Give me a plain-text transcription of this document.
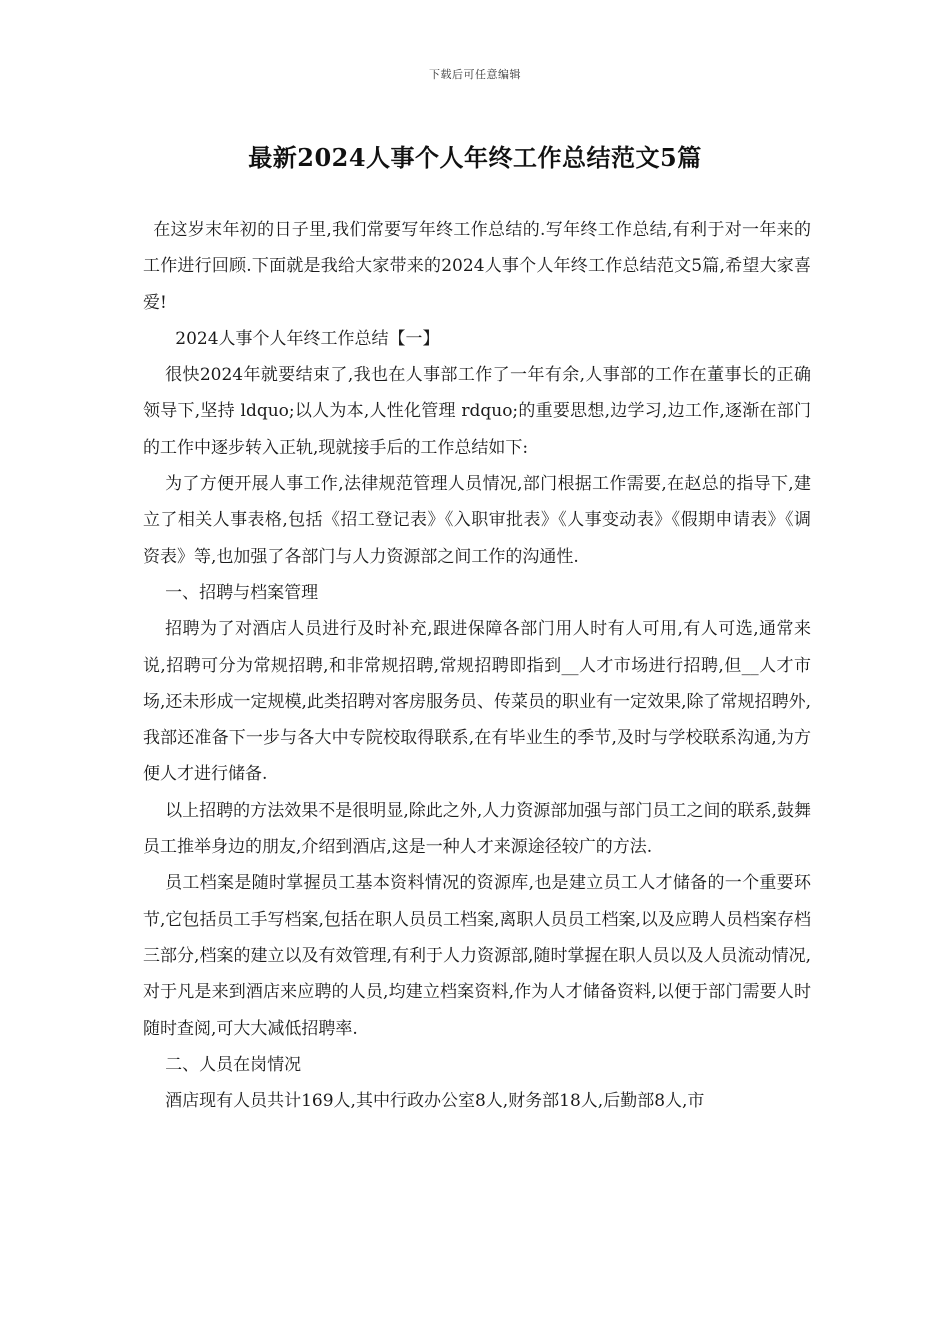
下载后可任意编辑
最新2024人事个人年终工作总结范文5篇

在这岁末年初的日子里,我们常要写年终工作总结的.写年终工作总结,有利于对一年来的工作进行回顾.下面就是我给大家带来的2024人事个人年终工作总结范文5篇,希望大家喜爱!

2024人事个人年终工作总结【一】

很快2024年就要结束了,我也在人事部工作了一年有余,人事部的工作在董事长的正确领导下,坚持 ldquo;以人为本,人性化管理 rdquo;的重要思想,边学习,边工作,逐渐在部门的工作中逐步转入正轨,现就接手后的工作总结如下:

为了方便开展人事工作,法律规范管理人员情况,部门根据工作需要,在赵总的指导下,建立了相关人事表格,包括《招工登记表》《入职审批表》《人事变动表》《假期申请表》《调资表》等,也加强了各部门与人力资源部之间工作的沟通性.

一、招聘与档案管理

招聘为了对酒店人员进行及时补充,跟进保障各部门用人时有人可用,有人可选,通常来说,招聘可分为常规招聘,和非常规招聘,常规招聘即指到__人才市场进行招聘,但__人才市场,还未形成一定规模,此类招聘对客房服务员、传菜员的职业有一定效果,除了常规招聘外,我部还准备下一步与各大中专院校取得联系,在有毕业生的季节,及时与学校联系沟通,为方便人才进行储备.

以上招聘的方法效果不是很明显,除此之外,人力资源部加强与部门员工之间的联系,鼓舞员工推举身边的朋友,介绍到酒店,这是一种人才来源途径较广的方法.

员工档案是随时掌握员工基本资料情况的资源库,也是建立员工人才储备的一个重要环节,它包括员工手写档案,包括在职人员员工档案,离职人员员工档案,以及应聘人员档案存档三部分,档案的建立以及有效管理,有利于人力资源部,随时掌握在职人员以及人员流动情况,对于凡是来到酒店来应聘的人员,均建立档案资料,作为人才储备资料,以便于部门需要人时随时查阅,可大大减低招聘率.

二、人员在岗情况

酒店现有人员共计169人,其中行政办公室8人,财务部18人,后勤部8人,市
